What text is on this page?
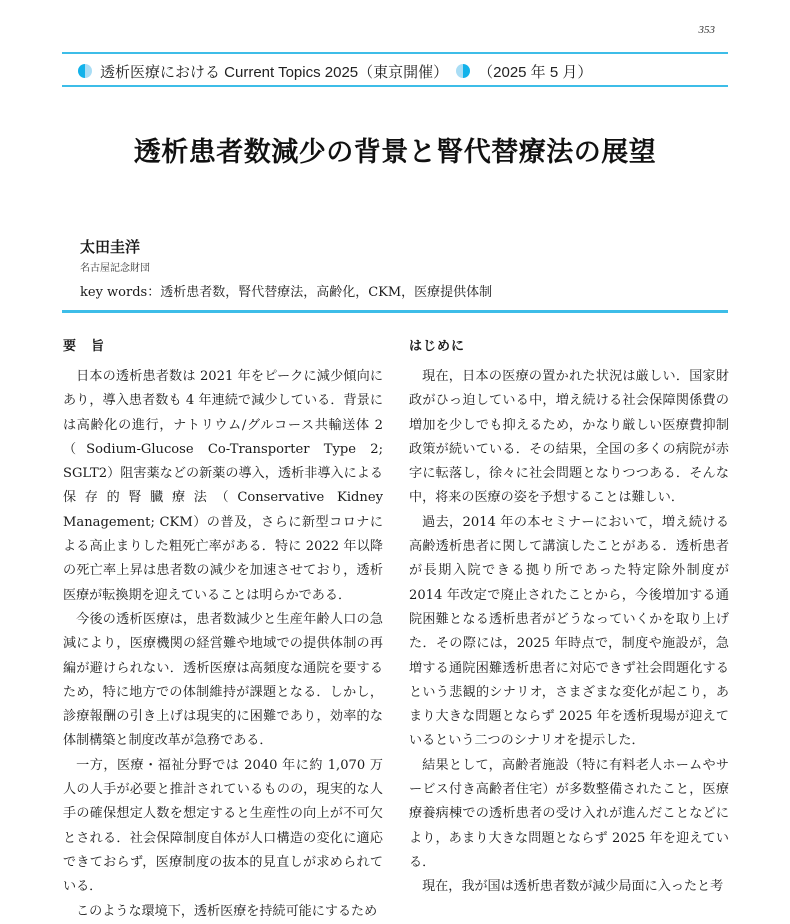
353
透析医療における Current Topics 2025（東京開催） （2025 年 5 月）
透析患者数減少の背景と腎代替療法の展望
太田圭洋
名古屋記念財団
key words：透析患者数，腎代替療法，高齢化，CKM，医療提供体制
要　旨

日本の透析患者数は 2021 年をピークに減少傾向にあり，導入患者数も 4 年連続で減少している．背景には高齢化の進行，ナトリウム/グルコース共輸送体 2（Sodium-Glucose Co-Transporter Type 2; SGLT2）阻害薬などの新薬の導入，透析非導入による保存的腎臓療法（Conservative Kidney Management; CKM）の普及，さらに新型コロナによる高止まりした粗死亡率がある．特に 2022 年以降の死亡率上昇は患者数の減少を加速させており，透析医療が転換期を迎えていることは明らかである．

今後の透析医療は，患者数減少と生産年齢人口の急減により，医療機関の経営難や地域での提供体制の再編が避けられない．透析医療は高頻度な通院を要するため，特に地方での体制維持が課題となる．しかし，診療報酬の引き上げは現実的に困難であり，効率的な体制構築と制度改革が急務である．

一方，医療・福祉分野では 2040 年に約 1,070 万人の人手が必要と推計されているものの，現実的な人手の確保想定人数を想定すると生産性の向上が不可欠とされる．社会保障制度自体が人口構造の変化に適応できておらず，医療制度の抜本的見直しが求められている．

このような環境下，透析医療を持続可能にするため

はじめに

現在，日本の医療の置かれた状況は厳しい．国家財政がひっ迫している中，増え続ける社会保障関係費の増加を少しでも抑えるため，かなり厳しい医療費抑制政策が続いている．その結果，全国の多くの病院が赤字に転落し，徐々に社会問題となりつつある．そんな中，将来の医療の姿を予想することは難しい．

過去，2014 年の本セミナーにおいて，増え続ける高齢透析患者に関して講演したことがある．透析患者が長期入院できる拠り所であった特定除外制度が 2014 年改定で廃止されたことから，今後増加する通院困難となる透析患者がどうなっていくかを取り上げた．その際には，2025 年時点で，制度や施設が，急増する通院困難透析患者に対応できず社会問題化するという悲観的シナリオ，さまざまな変化が起こり，あまり大きな問題とならず 2025 年を透析現場が迎えているという二つのシナリオを提示した．

結果として，高齢者施設（特に有料老人ホームやサービス付き高齢者住宅）が多数整備されたこと，医療療養病棟での透析患者の受け入れが進んだことなどにより，あまり大きな問題とならず 2025 年を迎えている．

現在，我が国は透析患者数が減少局面に入ったと考
